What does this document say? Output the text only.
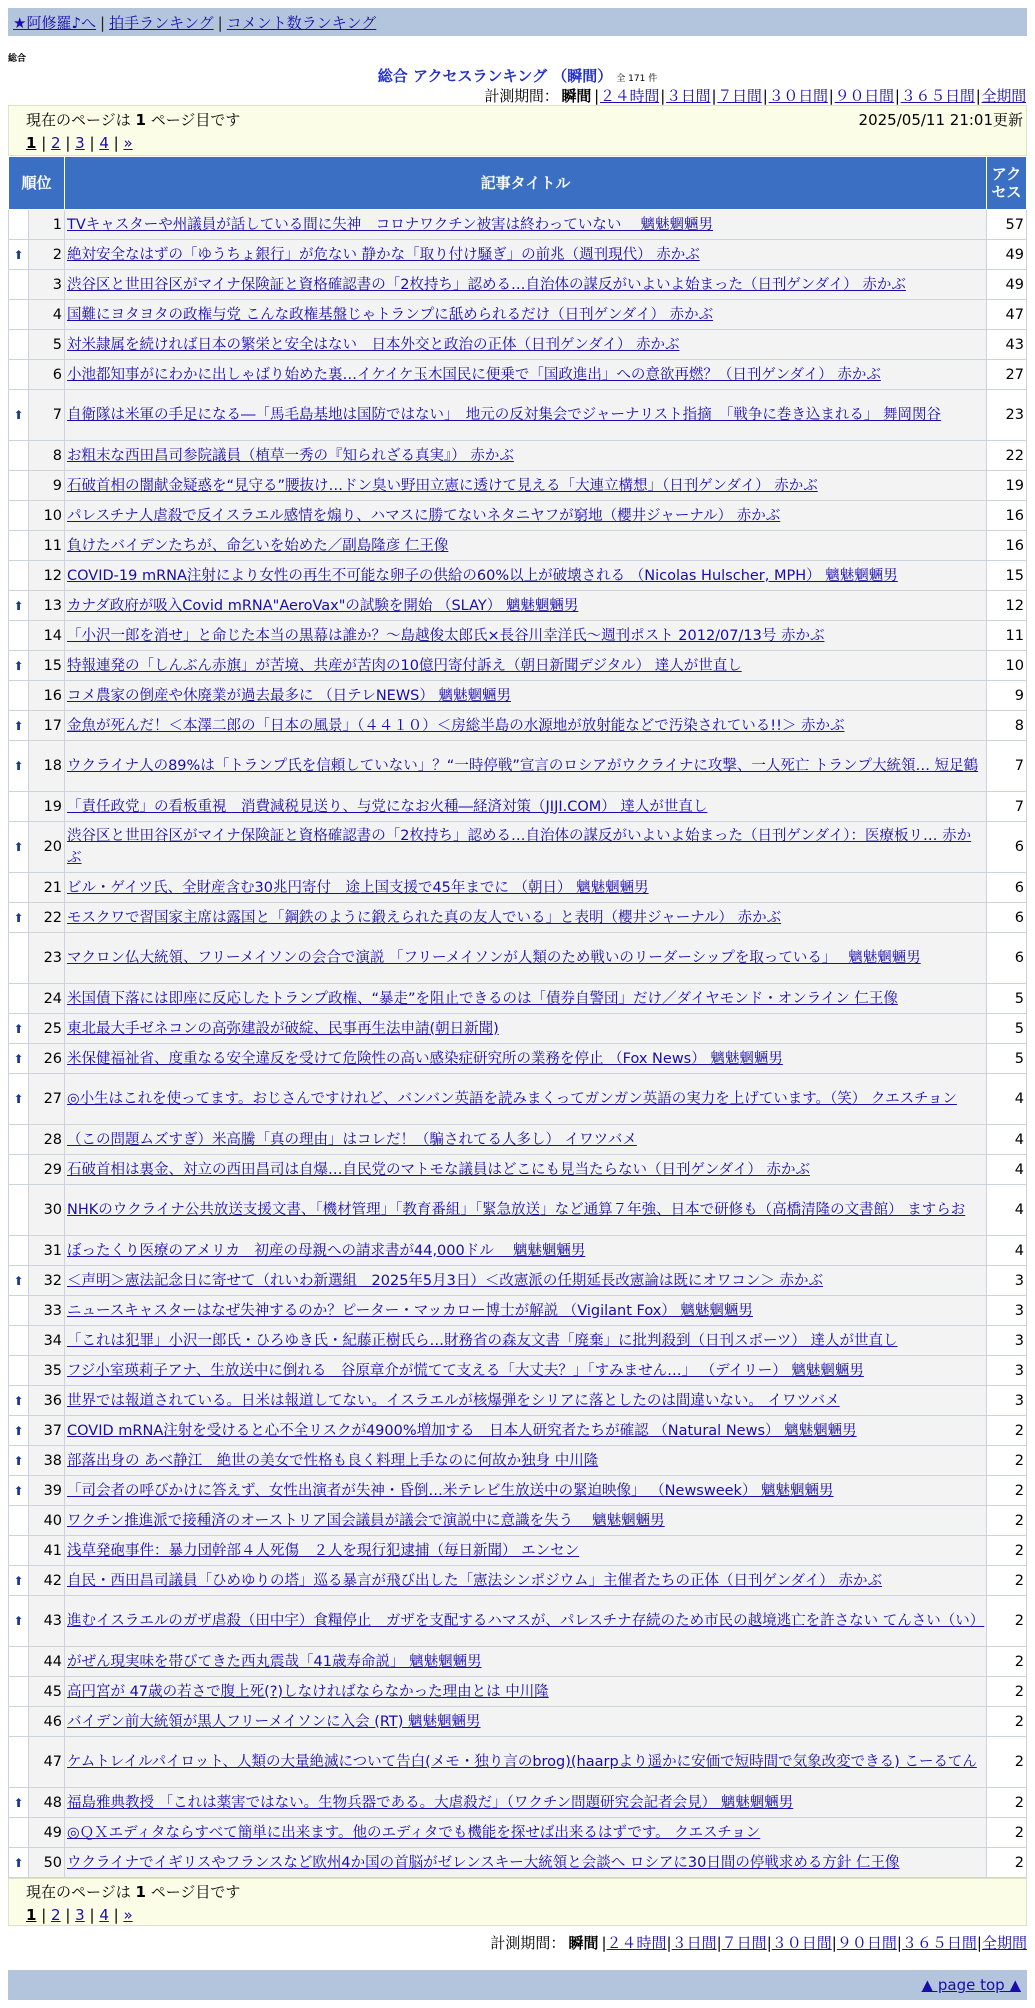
★阿修羅♪へ | 拍手ランキング | コメント数ランキング
総合
総合 アクセスランキング （瞬間） 全 171 件
計測期間： 瞬間 |２４時間|３日間|７日間|３０日間|９０日間|３６５日間|全期間
現在のページは 1 ページ目です	2025/05/11 21:01更新
1 | 2 | 3 | 4 | »
順位		記事タイトル	アクセス
	1	TVキャスターや州議員が話している間に失神　コロナワクチン被害は終わっていない　 魑魅魍魎男	57
⬆	2	絶対安全なはずの「ゆうちょ銀行」が危ない 静かな「取り付け騒ぎ」の前兆（週刊現代） 赤かぶ	49
	3	渋谷区と世田谷区がマイナ保険証と資格確認書の「2枚持ち」認める…自治体の謀反がいよいよ始まった（日刊ゲンダイ） 赤かぶ	49
	4	国難にヨタヨタの政権与党 こんな政権基盤じゃトランプに舐められるだけ（日刊ゲンダイ） 赤かぶ	47
	5	対米隷属を続ければ日本の繁栄と安全はない　日本外交と政治の正体（日刊ゲンダイ） 赤かぶ	43
	6	小池都知事がにわかに出しゃばり始めた裏…イケイケ玉木国民に便乗で「国政進出」への意欲再燃？（日刊ゲンダイ） 赤かぶ	27
⬆	7	自衛隊は米軍の手足になる―「馬毛島基地は国防ではない」　地元の反対集会でジャーナリスト指摘　「戦争に巻き込まれる」 舞岡関谷	23
	8	お粗末な西田昌司参院議員（植草一秀の『知られざる真実』） 赤かぶ	22
	9	石破首相の闇献金疑惑を“見守る”腰抜け…ドン臭い野田立憲に透けて見える「大連立構想」（日刊ゲンダイ） 赤かぶ	19
	10	パレスチナ人虐殺で反イスラエル感情を煽り、ハマスに勝てないネタニヤフが窮地（櫻井ジャーナル） 赤かぶ	16
	11	負けたバイデンたちが、命乞いを始めた／副島隆彦 仁王像	16
	12	COVID-19 mRNA注射により女性の再生不可能な卵子の供給の60%以上が破壊される （Nicolas Hulscher, MPH） 魑魅魍魎男	15
⬆	13	カナダ政府が吸入Covid mRNA"AeroVax"の試験を開始 （SLAY） 魑魅魍魎男	12
	14	「小沢一郎を消せ」と命じた本当の黒幕は誰か？〜島越俊太郎氏×長谷川幸洋氏〜週刊ポスト 2012/07/13号 赤かぶ	11
⬆	15	特報連発の「しんぶん赤旗」が苦境、共産が苦肉の10億円寄付訴え（朝日新聞デジタル） 達人が世直し	10
	16	コメ農家の倒産や休廃業が過去最多に （日テレNEWS） 魑魅魍魎男	9
⬆	17	金魚が死んだ！＜本澤二郎の「日本の風景」（４４１０）＜房総半島の水源地が放射能などで汚染されている!!＞ 赤かぶ	8
⬆	18	ウクライナ人の89%は「トランプ氏を信頼していない」？“一時停戦”宣言のロシアがウクライナに攻撃、一人死亡 トランプ大統領… 短足鶴	7
	19	「責任政党」の看板重視　消費減税見送り、与党になお火種―経済対策（JIJI.COM） 達人が世直し	7
⬆	20	渋谷区と世田谷区がマイナ保険証と資格確認書の「2枚持ち」認める…自治体の謀反がいよいよ始まった（日刊ゲンダイ）：医療板リ… 赤かぶ	6
	21	ビル・ゲイツ氏、全財産含む30兆円寄付　途上国支援で45年までに （朝日） 魑魅魍魎男	6
⬆	22	モスクワで習国家主席は露国と「鋼鉄のように鍛えられた真の友人でいる」と表明（櫻井ジャーナル） 赤かぶ	6
	23	マクロン仏大統領、フリーメイソンの会合で演説 「フリーメイソンが人類のため戦いのリーダーシップを取っている」　 魑魅魍魎男	6
	24	米国債下落には即座に反応したトランプ政権、“暴走”を阻止できるのは「債券自警団」だけ／ダイヤモンド・オンライン 仁王像	5
⬆	25	東北最大手ゼネコンの高弥建設が破綻、民事再生法申請(朝日新聞)	5
⬆	26	米保健福祉省、度重なる安全違反を受けて危険性の高い感染症研究所の業務を停止 （Fox News） 魑魅魍魎男	5
⬆	27	◎小生はこれを使ってます。おじさんですけれど、バンバン英語を読みまくってガンガン英語の実力を上げています。（笑） クエスチョン	4
	28	（この問題ムズすぎ）米高騰「真の理由」はコレだ！（騙されてる人多し） イワツバメ	4
	29	石破首相は裏金、対立の西田昌司は自爆…自民党のマトモな議員はどこにも見当たらない（日刊ゲンダイ） 赤かぶ	4
	30	NHKのウクライナ公共放送支援文書、「機材管理」「教育番組」「緊急放送」など通算７年強、日本で研修も（高橋清隆の文書館） ますらお	4
	31	ぼったくり医療のアメリカ　初産の母親への請求書が44,000ドル　 魑魅魍魎男	4
⬆	32	＜声明＞憲法記念日に寄せて（れいわ新選組　2025年5月3日）＜改憲派の任期延長改憲論は既にオワコン＞ 赤かぶ	3
	33	ニュースキャスターはなぜ失神するのか？ピーター・マッカロー博士が解説 （Vigilant Fox） 魑魅魍魎男	3
	34	「これは犯罪」小沢一郎氏・ひろゆき氏・紀藤正樹氏ら…財務省の森友文書「廃棄」に批判殺到（日刊スポーツ） 達人が世直し	3
	35	フジ小室瑛莉子アナ、生放送中に倒れる　谷原章介が慌てて支える「大丈夫？」「すみません…」 （デイリー） 魑魅魍魎男	3
⬆	36	世界では報道されている。日米は報道してない。イスラエルが核爆弾をシリアに落としたのは間違いない。 イワツバメ	3
⬆	37	COVID mRNA注射を受けると心不全リスクが4900%増加する　日本人研究者たちが確認 （Natural News） 魑魅魍魎男	2
⬆	38	部落出身の あべ静江　絶世の美女で性格も良く料理上手なのに何故か独身 中川隆	2
⬆	39	「司会者の呼びかけに答えず、女性出演者が失神・昏倒…米テレビ生放送中の緊迫映像」 （Newsweek） 魑魅魍魎男	2
	40	ワクチン推進派で接種済のオーストリア国会議員が議会で演説中に意識を失う　 魑魅魍魎男	2
	41	浅草発砲事件：暴力団幹部４人死傷　２人を現行犯逮捕（毎日新聞） エンセン	2
⬆	42	自民・西田昌司議員「ひめゆりの塔」巡る暴言が飛び出した「憲法シンポジウム」主催者たちの正体（日刊ゲンダイ） 赤かぶ	2
⬆	43	進むイスラエルのガザ虐殺（田中宇）食糧停止　ガザを支配するハマスが、パレスチナ存続のため市民の越境逃亡を許さない てんさい（い）	2
	44	がぜん現実味を帯びてきた西丸震哉「41歳寿命説」 魑魅魍魎男	2
	45	高円宮が 47歳の若さで腹上死(?)しなければならなかった理由とは 中川隆	2
	46	バイデン前大統領が黒人フリーメイソンに入会 (RT) 魑魅魍魎男	2
	47	ケムトレイルパイロット、人類の大量絶滅について告白(メモ・独り言のbrog)(haarpより遥かに安価で短時間で気象改変できる) こーるてん	2
⬆	48	福島雅典教授 「これは薬害ではない。生物兵器である。大虐殺だ」（ワクチン問題研究会記者会見） 魑魅魍魎男	2
	49	◎ＱＸエディタならすべて簡単に出来ます。他のエディタでも機能を探せば出来るはずです。 クエスチョン	2
⬆	50	ウクライナでイギリスやフランスなど欧州4か国の首脳がゼレンスキー大統領と会談へ ロシアに30日間の停戦求める方針 仁王像	2
現在のページは 1 ページ目です
1 | 2 | 3 | 4 | »
計測期間： 瞬間 |２４時間|３日間|７日間|３０日間|９０日間|３６５日間|全期間
▲ page top ▲
